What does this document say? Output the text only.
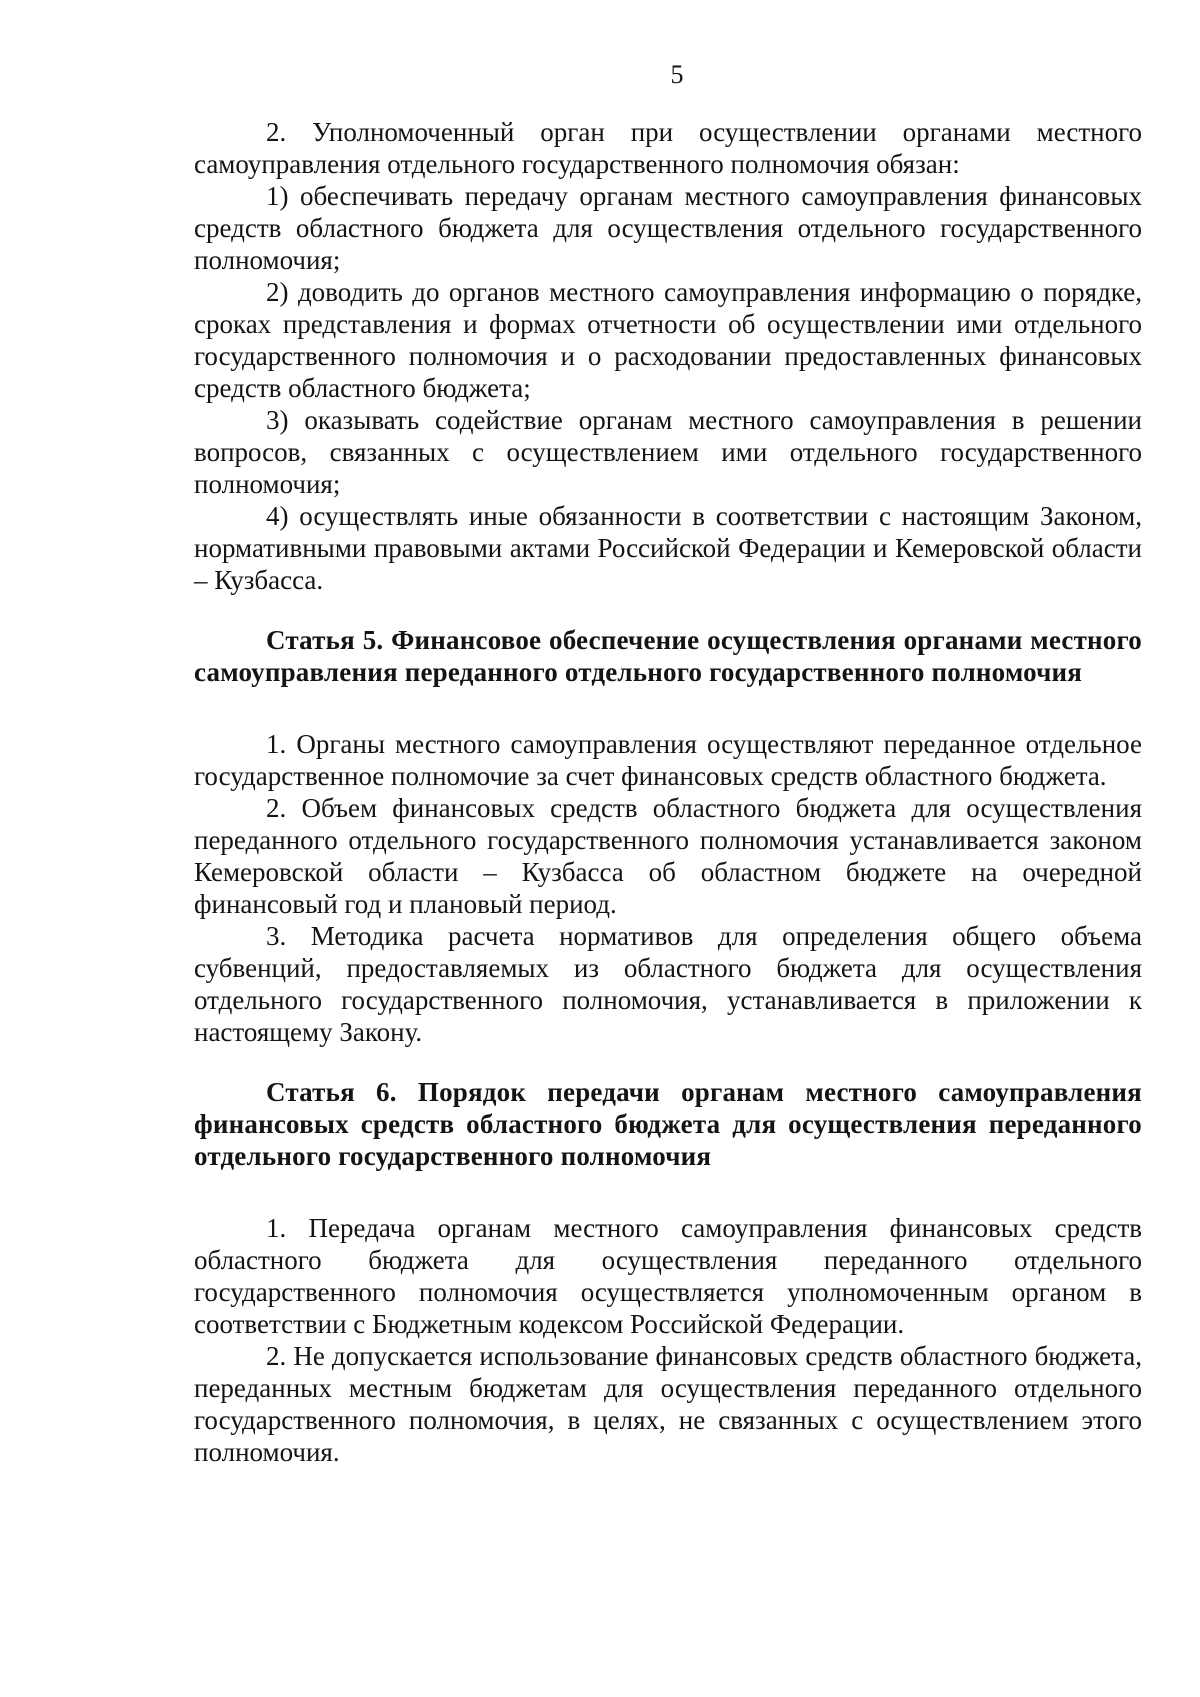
5

2. Уполномоченный орган при осуществлении органами местного самоуправления отдельного государственного полномочия обязан:

1) обеспечивать передачу органам местного самоуправления финансовых средств областного бюджета для осуществления отдельного государственного полномочия;

2) доводить до органов местного самоуправления информацию о порядке, сроках представления и формах отчетности об осуществлении ими отдельного государственного полномочия и о расходовании предоставленных финансовых средств областного бюджета;

3) оказывать содействие органам местного самоуправления в решении вопросов, связанных с осуществлением ими отдельного государственного полномочия;

4) осуществлять иные обязанности в соответствии с настоящим Законом, нормативными правовыми актами Российской Федерации и Кемеровской области – Кузбасса.

Статья 5. Финансовое обеспечение осуществления органами местного самоуправления переданного отдельного государственного полномочия

1. Органы местного самоуправления осуществляют переданное отдельное государственное полномочие за счет финансовых средств областного бюджета.

2. Объем финансовых средств областного бюджета для осуществления переданного отдельного государственного полномочия устанавливается законом Кемеровской области – Кузбасса об областном бюджете на очередной финансовый год и плановый период.

3. Методика расчета нормативов для определения общего объема субвенций, предоставляемых из областного бюджета для осуществления отдельного государственного полномочия, устанавливается в приложении к настоящему Закону.

Статья 6. Порядок передачи органам местного самоуправления финансовых средств областного бюджета для осуществления переданного отдельного государственного полномочия

1. Передача органам местного самоуправления финансовых средств областного бюджета для осуществления переданного отдельного государственного полномочия осуществляется уполномоченным органом в соответствии с Бюджетным кодексом Российской Федерации.

2. Не допускается использование финансовых средств областного бюджета, переданных местным бюджетам для осуществления переданного отдельного государственного полномочия, в целях, не связанных с осуществлением этого полномочия.
